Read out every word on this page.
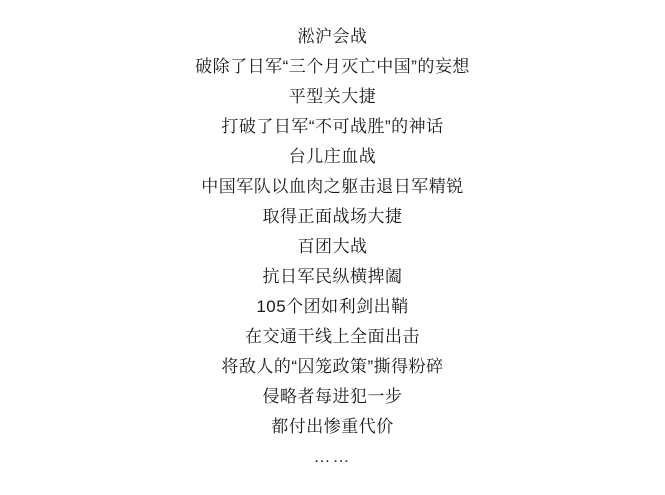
淞沪会战
破除了日军“三个月灭亡中国”的妄想
平型关大捷
打破了日军“不可战胜”的神话
台儿庄血战
中国军队以血肉之躯击退日军精锐
取得正面战场大捷
百团大战
抗日军民纵横捭阖
105个团如利剑出鞘
在交通干线上全面出击
将敌人的“囚笼政策”撕得粉碎
侵略者每进犯一步
都付出惨重代价
……
